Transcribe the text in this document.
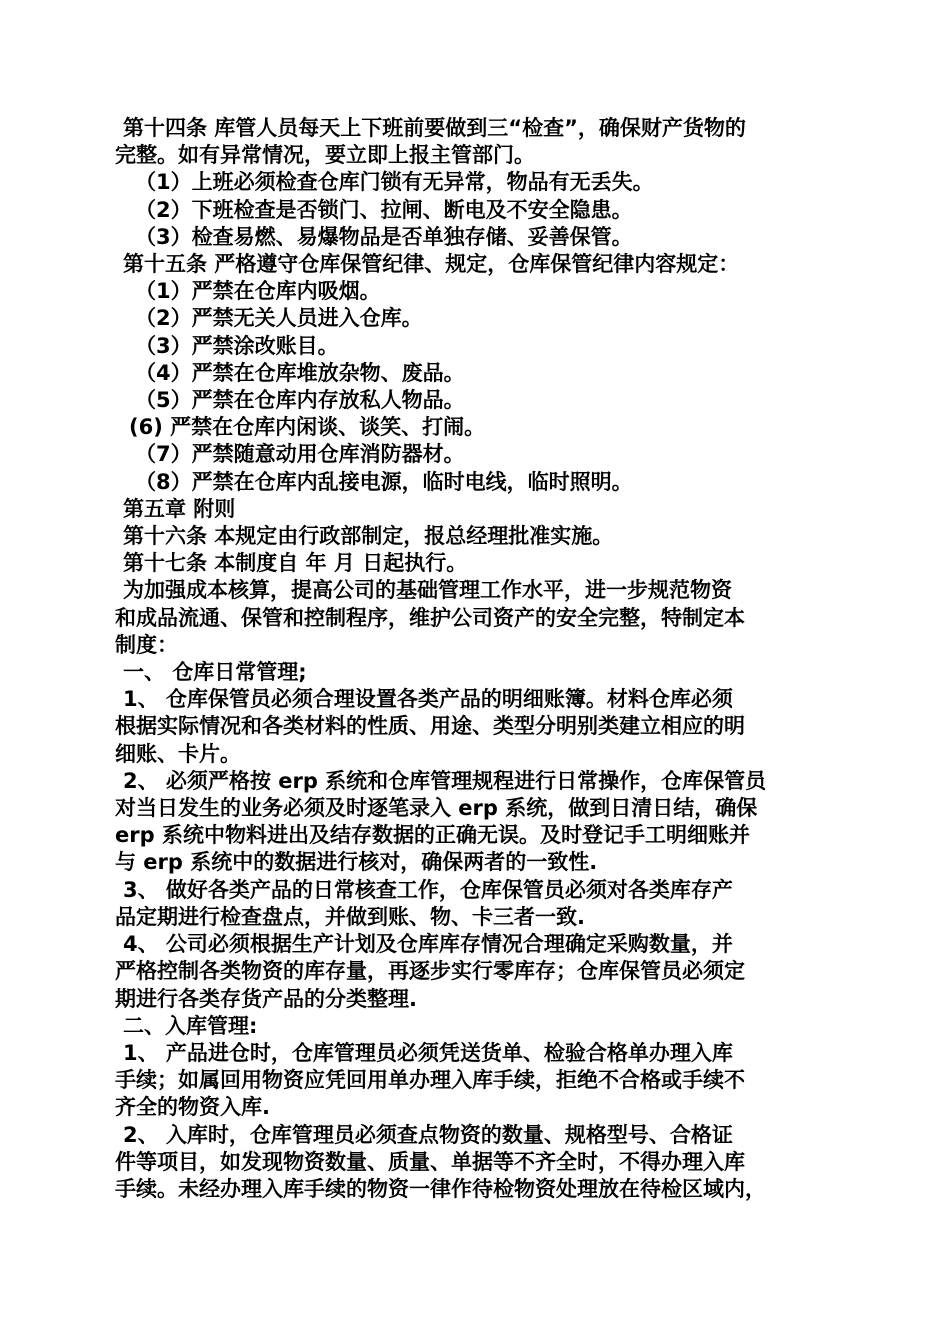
第十四条 库管人员每天上下班前要做到三“检查”，确保财产货物的
完整。如有异常情况，要立即上报主管部门。
（1）上班必须检查仓库门锁有无异常，物品有无丢失。
（2）下班检查是否锁门、拉闸、断电及不安全隐患。
（3）检查易燃、易爆物品是否单独存储、妥善保管。
第十五条 严格遵守仓库保管纪律、规定，仓库保管纪律内容规定：
（1）严禁在仓库内吸烟。
（2）严禁无关人员进入仓库。
（3）严禁涂改账目。
（4）严禁在仓库堆放杂物、废品。
（5）严禁在仓库内存放私人物品。
(6) 严禁在仓库内闲谈、谈笑、打闹。
（7）严禁随意动用仓库消防器材。
（8）严禁在仓库内乱接电源，临时电线，临时照明。
第五章 附则
第十六条 本规定由行政部制定，报总经理批准实施。
第十七条 本制度自 年 月 日起执行。
为加强成本核算，提高公司的基础管理工作水平，进一步规范物资
和成品流通、保管和控制程序，维护公司资产的安全完整，特制定本
制度：
一、 仓库日常管理;
1、 仓库保管员必须合理设置各类产品的明细账簿。材料仓库必须
根据实际情况和各类材料的性质、用途、类型分明别类建立相应的明
细账、卡片。
2、 必须严格按 erp 系统和仓库管理规程进行日常操作，仓库保管员
对当日发生的业务必须及时逐笔录入 erp 系统，做到日清日结，确保
erp 系统中物料进出及结存数据的正确无误。及时登记手工明细账并
与 erp 系统中的数据进行核对，确保两者的一致性.
3、 做好各类产品的日常核查工作，仓库保管员必须对各类库存产
品定期进行检查盘点，并做到账、物、卡三者一致.
4、 公司必须根据生产计划及仓库库存情况合理确定采购数量，并
严格控制各类物资的库存量，再逐步实行零库存；仓库保管员必须定
期进行各类存货产品的分类整理.
二、入库管理:
1、 产品进仓时，仓库管理员必须凭送货单、检验合格单办理入库
手续；如属回用物资应凭回用单办理入库手续，拒绝不合格或手续不
齐全的物资入库.
2、 入库时，仓库管理员必须查点物资的数量、规格型号、合格证
件等项目，如发现物资数量、质量、单据等不齐全时，不得办理入库
手续。未经办理入库手续的物资一律作待检物资处理放在待检区域内，
